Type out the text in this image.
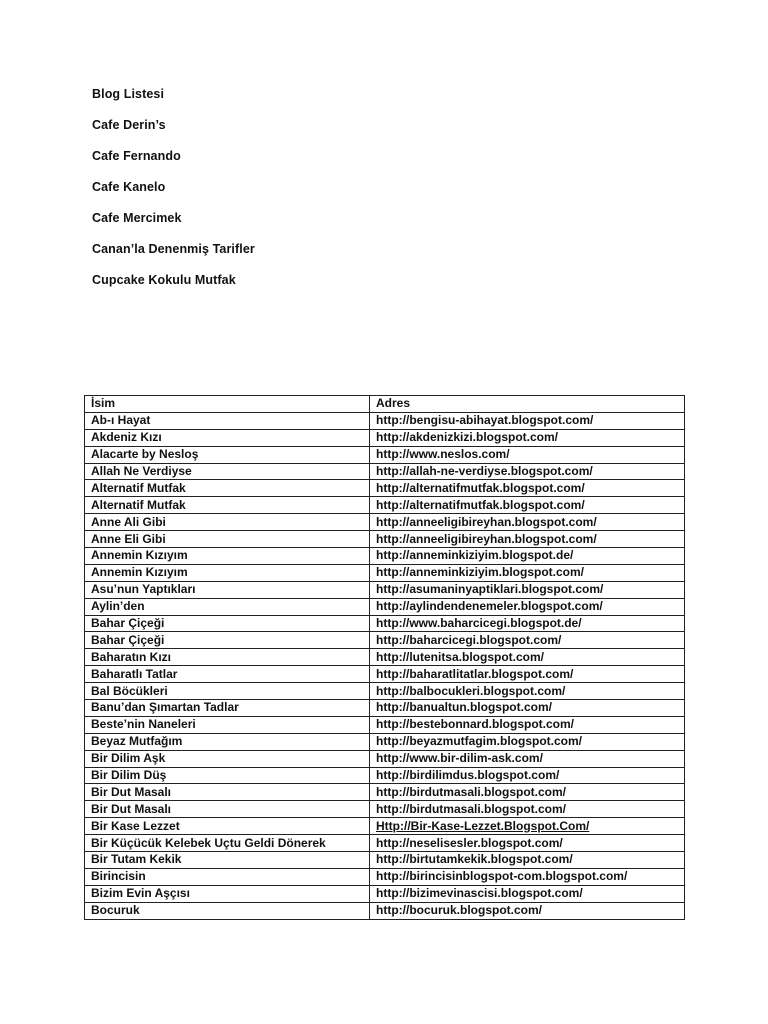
Blog Listesi
Cafe Derin’s
Cafe Fernando
Cafe Kanelo
Cafe Mercimek
Canan’la Denenmiş Tarifler
Cupcake Kokulu Mutfak
İsim	Adres
Ab-ı Hayat	http://bengisu-abihayat.blogspot.com/
Akdeniz Kızı	http://akdenizkizi.blogspot.com/
Alacarte by Nesloş	http://www.neslos.com/
Allah Ne Verdiyse	http://allah-ne-verdiyse.blogspot.com/
Alternatif Mutfak	http://alternatifmutfak.blogspot.com/
Alternatif Mutfak	http://alternatifmutfak.blogspot.com/
Anne Ali Gibi	http://anneeligibireyhan.blogspot.com/
Anne Eli Gibi	http://anneeligibireyhan.blogspot.com/
Annemin Kızıyım	http://anneminkiziyim.blogspot.de/
Annemin Kızıyım	http://anneminkiziyim.blogspot.com/
Asu’nun Yaptıkları	http://asumaninyaptiklari.blogspot.com/
Aylin’den	http://aylindendenemeler.blogspot.com/
Bahar Çiçeği	http://www.baharcicegi.blogspot.de/
Bahar Çiçeği	http://baharcicegi.blogspot.com/
Baharatın Kızı	http://lutenitsa.blogspot.com/
Baharatlı Tatlar	http://baharatlitatlar.blogspot.com/
Bal Böcükleri	http://balbocukleri.blogspot.com/
Banu’dan Şımartan Tadlar	http://banualtun.blogspot.com/
Beste’nin Naneleri	http://bestebonnard.blogspot.com/
Beyaz Mutfağım	http://beyazmutfagim.blogspot.com/
Bir Dilim Aşk	http://www.bir-dilim-ask.com/
Bir Dilim Düş	http://birdilimdus.blogspot.com/
Bir Dut Masalı	http://birdutmasali.blogspot.com/
Bir Dut Masalı	http://birdutmasali.blogspot.com/
Bir Kase Lezzet	Http://Bir-Kase-Lezzet.Blogspot.Com/
Bir Küçücük Kelebek Uçtu Geldi Dönerek	http://neselisesler.blogspot.com/
Bir Tutam Kekik	http://birtutamkekik.blogspot.com/
Birincisin	http://birincisinblogspot-com.blogspot.com/
Bizim Evin Aşçısı	http://bizimevinascisi.blogspot.com/
Bocuruk	http://bocuruk.blogspot.com/
